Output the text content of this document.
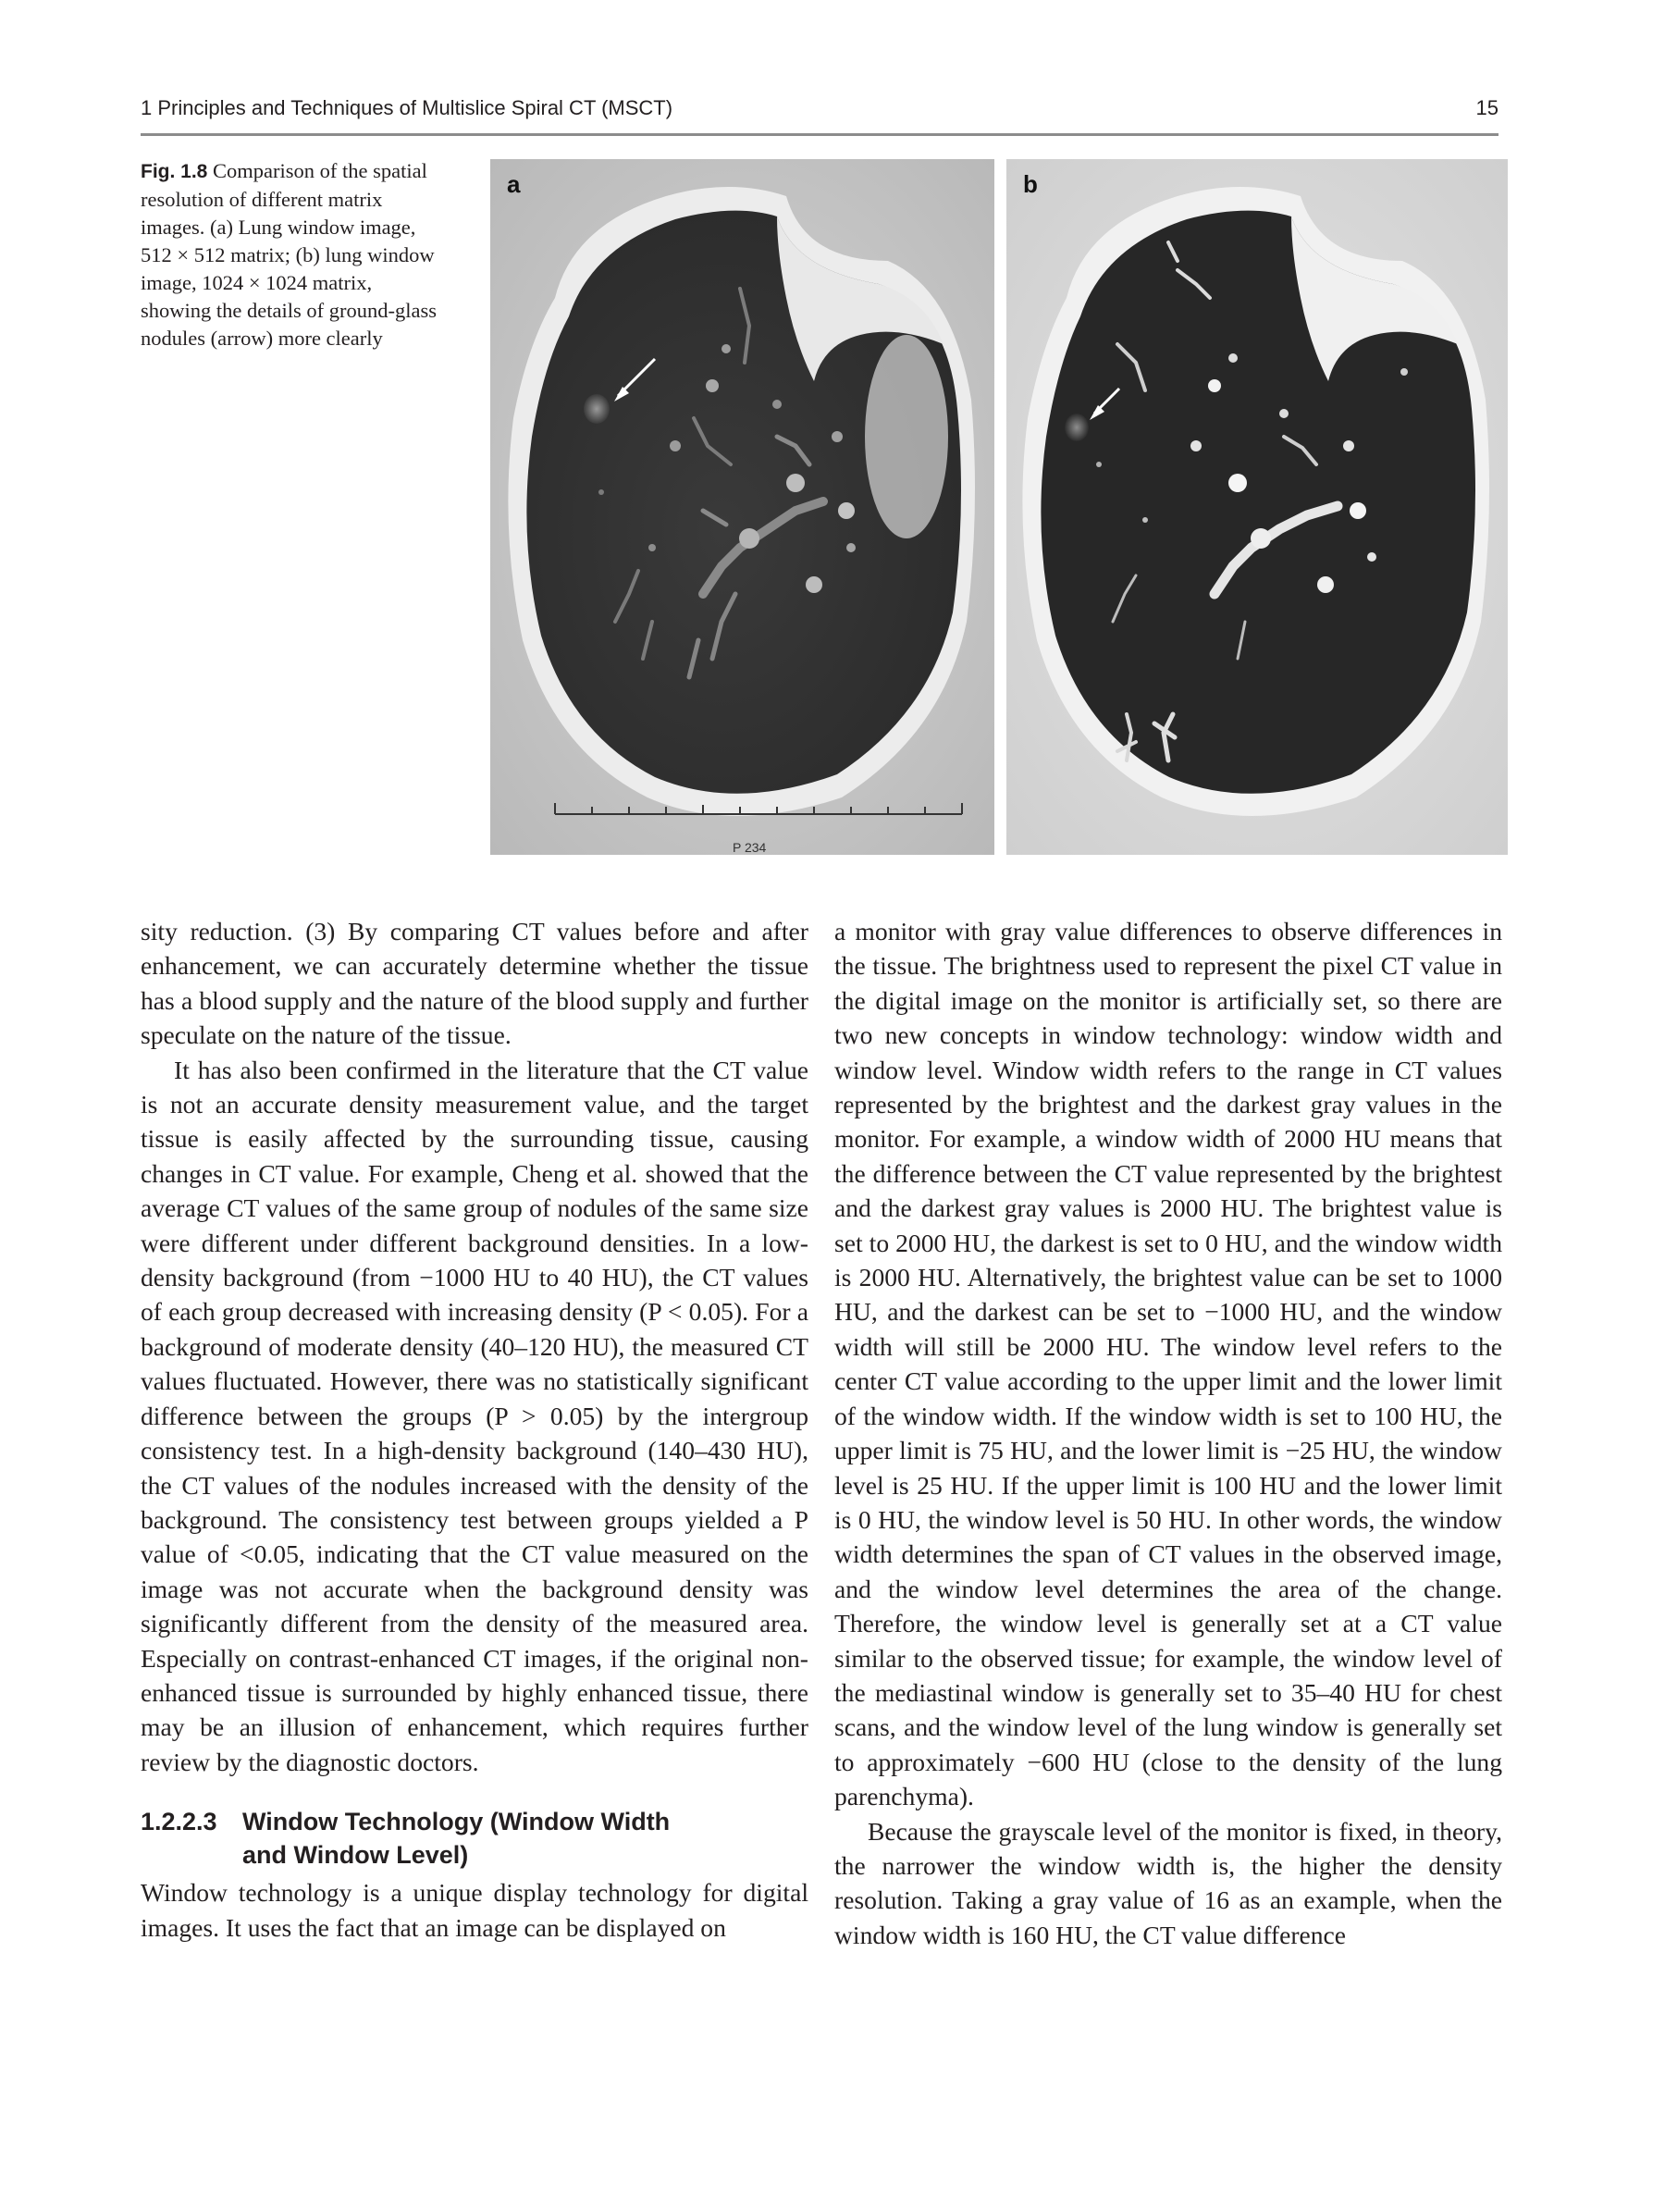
1 Principles and Techniques of Multislice Spiral CT (MSCT)	15
Fig. 1.8 Comparison of the spatial resolution of different matrix images. (a) Lung window image, 512 × 512 matrix; (b) lung window image, 1024 × 1024 matrix, showing the details of ground-glass nodules (arrow) more clearly
a
P 234
b

sity reduction. (3) By comparing CT values before and after enhancement, we can accurately determine whether the tissue has a blood supply and the nature of the blood supply and further speculate on the nature of the tissue.

It has also been confirmed in the literature that the CT value is not an accurate density measurement value, and the target tissue is easily affected by the surrounding tissue, causing changes in CT value. For example, Cheng et al. showed that the average CT values of the same group of nodules of the same size were different under different background densities. In a low-density background (from −1000 HU to 40 HU), the CT values of each group decreased with increasing density (P < 0.05). For a background of moderate density (40–120 HU), the measured CT values fluctuated. However, there was no statistically significant difference between the groups (P > 0.05) by the intergroup consistency test. In a high-density background (140–430 HU), the CT values of the nodules increased with the density of the background. The consistency test between groups yielded a P value of <0.05, indicating that the CT value measured on the image was not accurate when the background density was significantly different from the density of the measured area. Especially on contrast-enhanced CT images, if the original non-enhanced tissue is surrounded by highly enhanced tissue, there may be an illusion of enhancement, which requires further review by the diagnostic doctors.

1.2.2.3 Window Technology (Window Width
and Window Level)

Window technology is a unique display technology for digital images. It uses the fact that an image can be displayed on

a monitor with gray value differences to observe differences in the tissue. The brightness used to represent the pixel CT value in the digital image on the monitor is artificially set, so there are two new concepts in window technology: window width and window level. Window width refers to the range in CT values represented by the brightest and the darkest gray values in the monitor. For example, a window width of 2000 HU means that the difference between the CT value represented by the brightest and the darkest gray values is 2000 HU. The brightest value is set to 2000 HU, the darkest is set to 0 HU, and the window width is 2000 HU. Alternatively, the brightest value can be set to 1000 HU, and the darkest can be set to −1000 HU, and the window width will still be 2000 HU. The window level refers to the center CT value according to the upper limit and the lower limit of the window width. If the window width is set to 100 HU, the upper limit is 75 HU, and the lower limit is −25 HU, the window level is 25 HU. If the upper limit is 100 HU and the lower limit is 0 HU, the window level is 50 HU. In other words, the window width determines the span of CT values in the observed image, and the window level determines the area of the change. Therefore, the window level is generally set at a CT value similar to the observed tissue; for example, the window level of the mediastinal window is generally set to 35–40 HU for chest scans, and the window level of the lung window is generally set to approximately −600 HU (close to the density of the lung parenchyma).

Because the grayscale level of the monitor is fixed, in theory, the narrower the window width is, the higher the density resolution. Taking a gray value of 16 as an example, when the window width is 160 HU, the CT value difference
